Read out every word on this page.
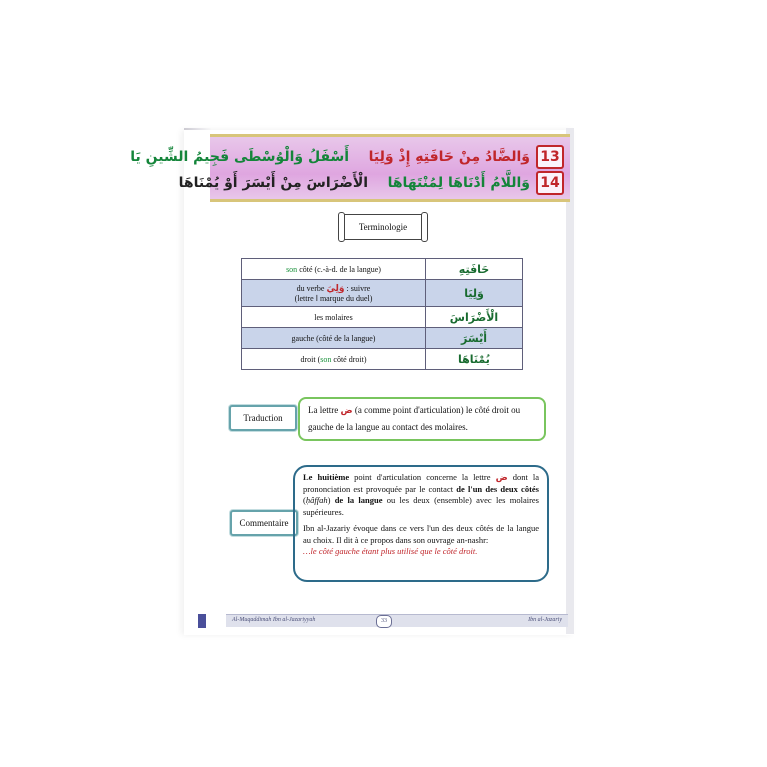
وَالضَّادُ مِنْ حَافَتِهِ إِذْ وَلِيَا    أَسْفَلُ وَالْوُسْطَى فَجِيمُ الشِّينِ يَا	13
وَاللَّامُ أَدْنَاهَا لِمُنْتَهَاهَا    الْأَضْرَاسَ مِنْ أَيْسَرَ أَوْ يُمْنَاهَا	14
Terminologie
son côté (c.-à-d. de la langue)	حَافَتِهِ
du verbe وَلِيَ : suivre
(lettre ا marque du duel)	وَلِيَا
les molaires	الْأَضْرَاسَ
gauche (côté de la langue)	أَيْسَرَ
droit (son côté droit)	يُمْنَاهَا
Traduction
La lettre ض (a comme point d'articulation) le côté droit ou gauche de la langue au contact des molaires.
Commentaire

Le huitième point d'articulation concerne la lettre ض dont la prononciation est provoquée par le contact de l'un des deux côtés (ḥâffah) de la langue ou les deux (ensemble) avec les molaires supérieures.

Ibn al-Jazariy évoque dans ce vers l'un des deux côtés de la langue au choix. Il dit à ce propos dans son ouvrage an-nashr:
…le côté gauche étant plus utilisé que le côté droit.

Al-Muqaddimah Ibn al-Jazariyyah	33	Ibn al-Jazariy
